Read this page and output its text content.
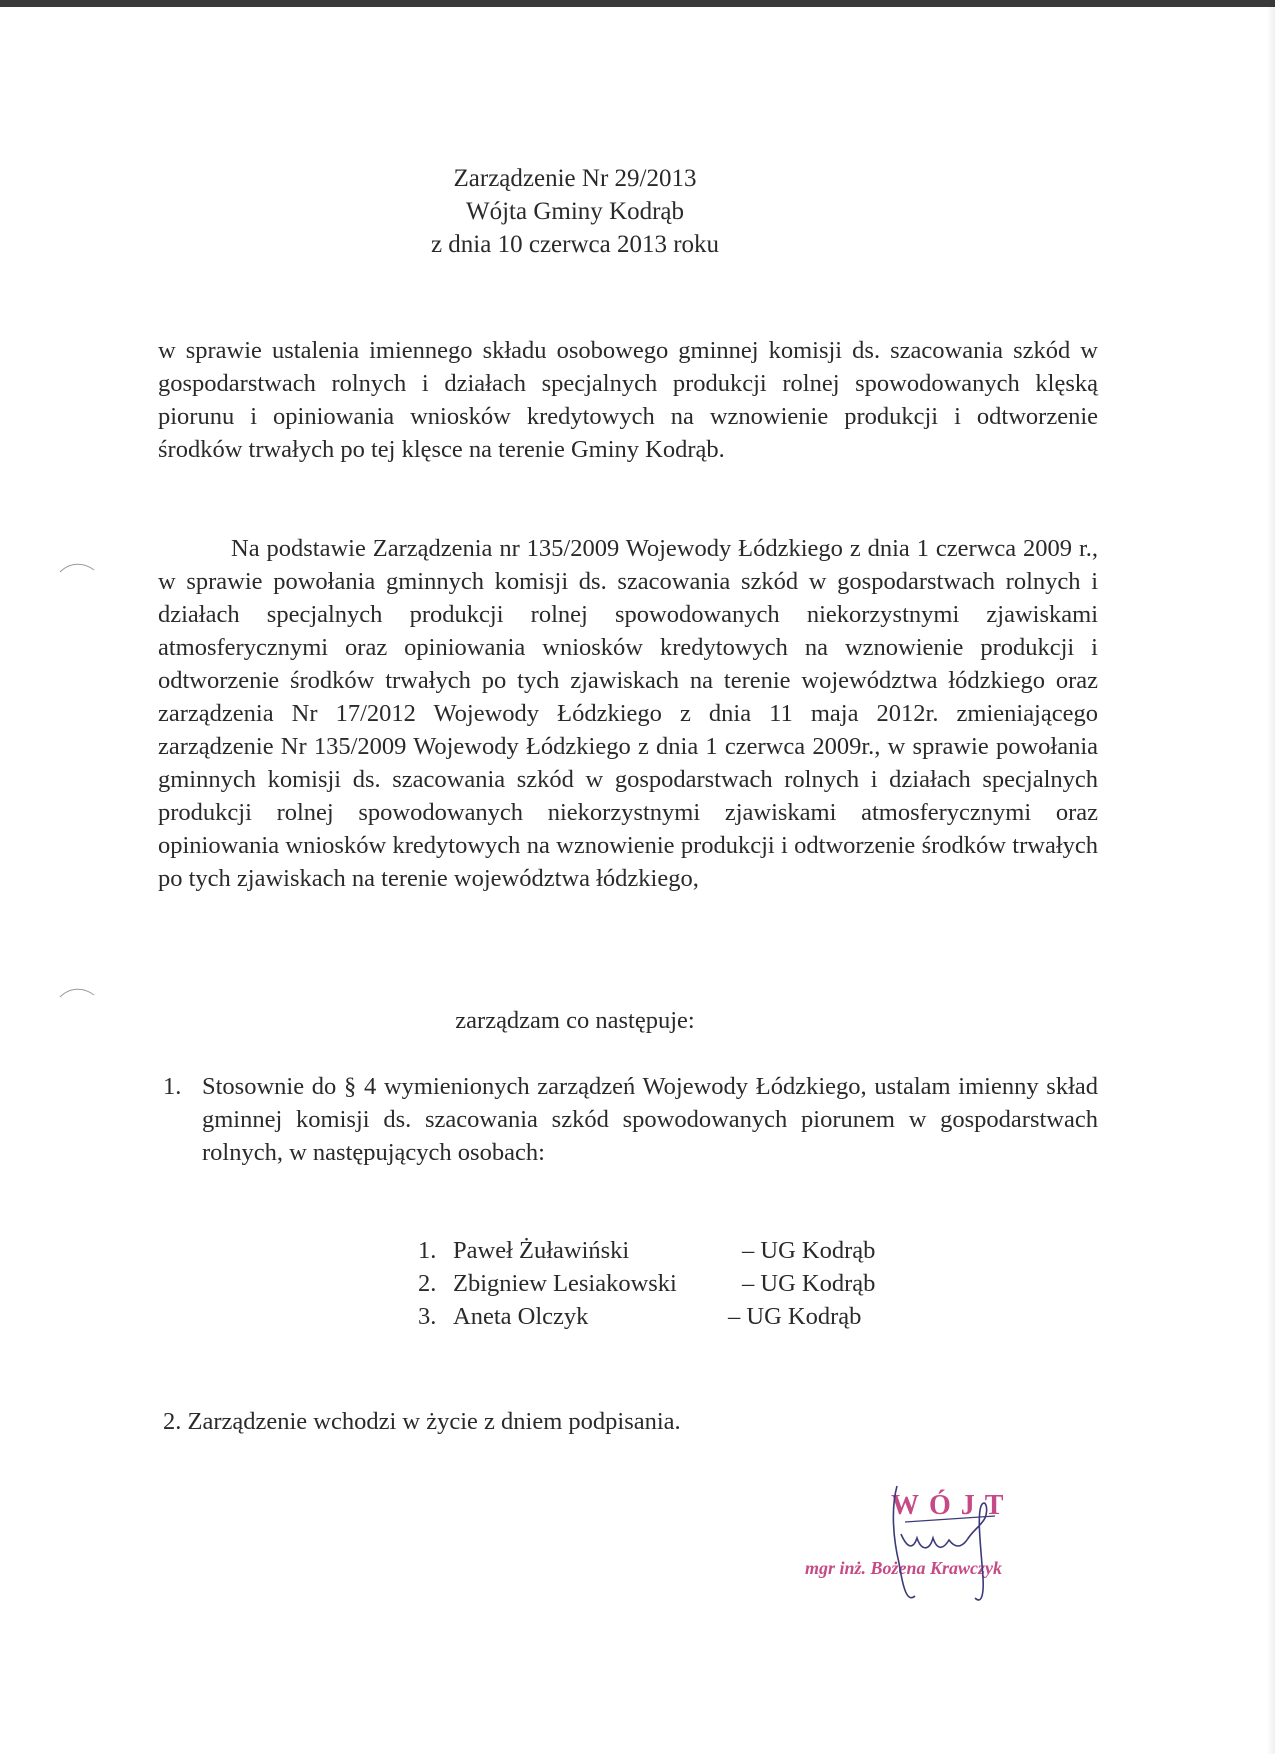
Zarządzenie Nr 29/2013
Wójta Gminy Kodrąb
z dnia 10 czerwca 2013 roku
w sprawie ustalenia imiennego składu osobowego gminnej komisji ds. szacowania szkód w gospodarstwach rolnych i działach specjalnych produkcji rolnej spowodowanych klęską piorunu i opiniowania wniosków kredytowych na wznowienie produkcji i odtworzenie środków trwałych po tej klęsce na terenie Gminy Kodrąb.
Na podstawie Zarządzenia nr 135/2009 Wojewody Łódzkiego z dnia 1 czerwca 2009 r., w sprawie powołania gminnych komisji ds. szacowania szkód w gospodarstwach rolnych i działach specjalnych produkcji rolnej spowodowanych niekorzystnymi zjawiskami atmosferycznymi oraz opiniowania wniosków kredytowych na wznowienie produkcji i odtworzenie środków trwałych po tych zjawiskach na terenie województwa łódzkiego oraz zarządzenia Nr 17/2012 Wojewody Łódzkiego z dnia 11 maja 2012r. zmieniającego zarządzenie Nr 135/2009 Wojewody Łódzkiego z dnia 1 czerwca 2009r., w sprawie powołania gminnych komisji ds. szacowania szkód w gospodarstwach rolnych i działach specjalnych produkcji rolnej spowodowanych niekorzystnymi zjawiskami atmosferycznymi oraz opiniowania wniosków kredytowych na wznowienie produkcji i odtworzenie środków trwałych po tych zjawiskach na terenie województwa łódzkiego,
zarządzam co następuje:
1. Stosownie do § 4 wymienionych zarządzeń Wojewody Łódzkiego, ustalam imienny skład gminnej komisji ds. szacowania szkód spowodowanych piorunem w gospodarstwach rolnych, w następujących osobach:
1. Paweł Żuławiński	– UG Kodrąb
2. Zbigniew Lesiakowski	– UG Kodrąb
3. Aneta Olczyk	– UG Kodrąb
2. Zarządzenie wchodzi w życie z dniem podpisania.
WÓJT
mgr inż. Bożena Krawczyk
